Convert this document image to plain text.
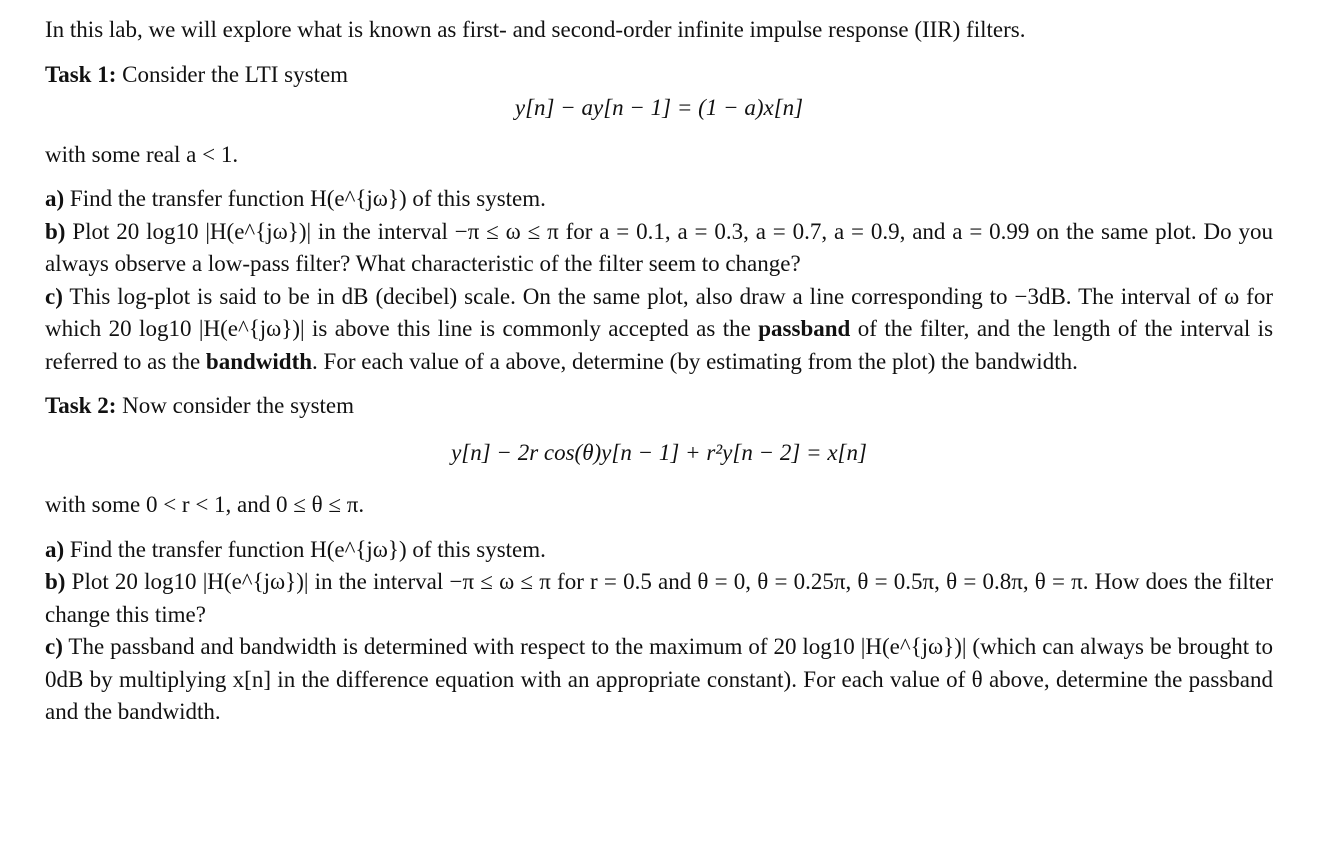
In this lab, we will explore what is known as first- and second-order infinite impulse response (IIR) filters.

Task 1: Consider the LTI system

y[n] − ay[n − 1] = (1 − a)x[n]

with some real a < 1.

a) Find the transfer function H(e^{jω}) of this system.

b) Plot 20 log10 |H(e^{jω})| in the interval −π ≤ ω ≤ π for a = 0.1, a = 0.3, a = 0.7, a = 0.9, and a = 0.99 on the same plot. Do you always observe a low-pass filter? What characteristic of the filter seem to change?

c) This log-plot is said to be in dB (decibel) scale. On the same plot, also draw a line corresponding to −3dB. The interval of ω for which 20 log10 |H(e^{jω})| is above this line is commonly accepted as the passband of the filter, and the length of the interval is referred to as the bandwidth. For each value of a above, determine (by estimating from the plot) the bandwidth.

Task 2: Now consider the system

y[n] − 2r cos(θ)y[n − 1] + r²y[n − 2] = x[n]

with some 0 < r < 1, and 0 ≤ θ ≤ π.

a) Find the transfer function H(e^{jω}) of this system.

b) Plot 20 log10 |H(e^{jω})| in the interval −π ≤ ω ≤ π for r = 0.5 and θ = 0, θ = 0.25π, θ = 0.5π, θ = 0.8π, θ = π. How does the filter change this time?

c) The passband and bandwidth is determined with respect to the maximum of 20 log10 |H(e^{jω})| (which can always be brought to 0dB by multiplying x[n] in the difference equation with an appropriate constant). For each value of θ above, determine the passband and the bandwidth.
